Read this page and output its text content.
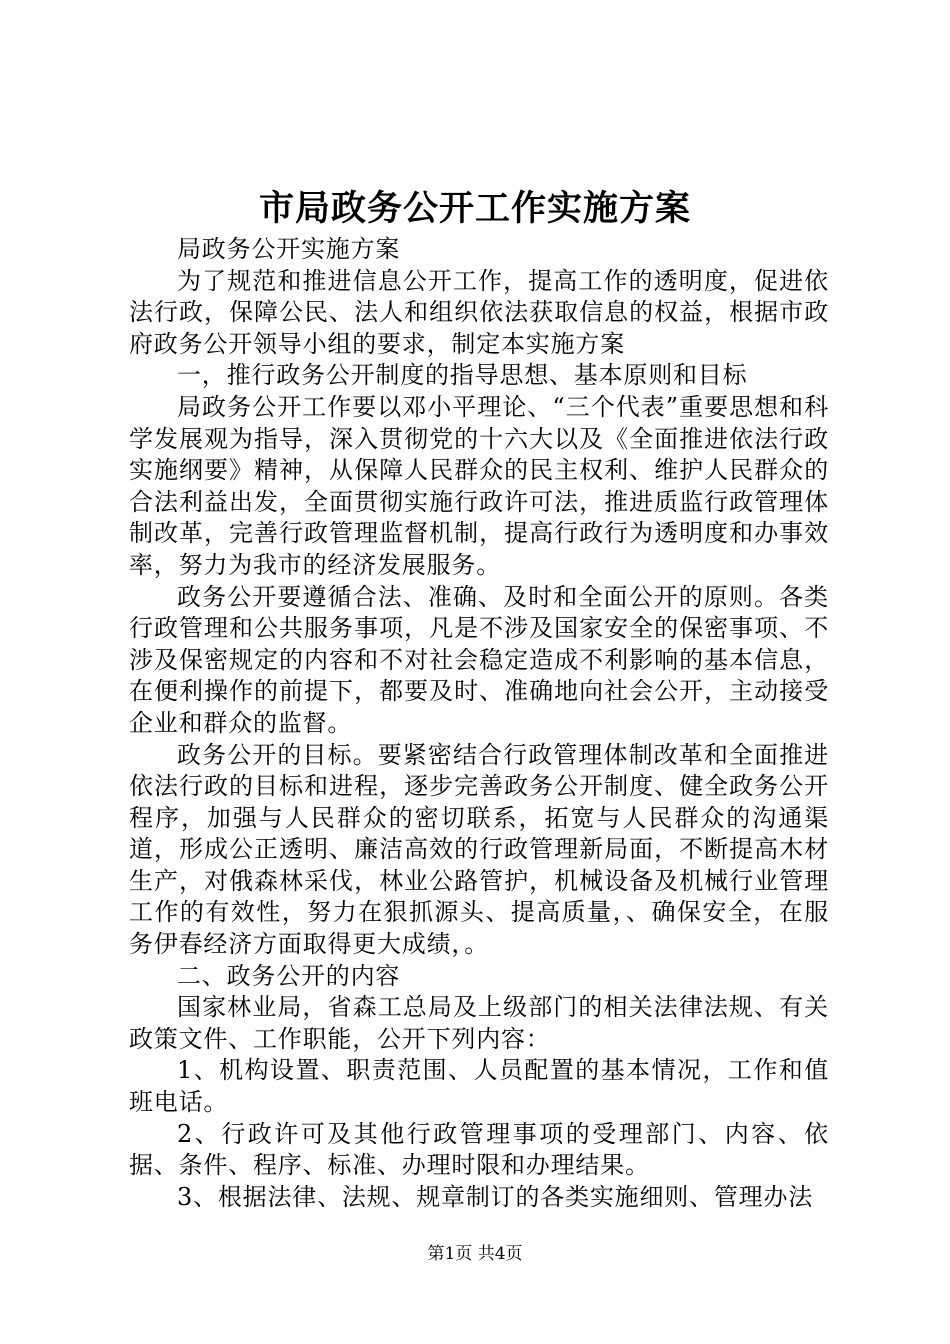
市局政务公开工作实施方案

局政务公开实施方案

为了规范和推进信息公开工作，提高工作的透明度，促进依法行政，保障公民、法人和组织依法获取信息的权益，根据市政府政务公开领导小组的要求，制定本实施方案

一，推行政务公开制度的指导思想、基本原则和目标

局政务公开工作要以邓小平理论、“三个代表”重要思想和科学发展观为指导，深入贯彻党的十六大以及《全面推进依法行政实施纲要》精神，从保障人民群众的民主权利、维护人民群众的合法利益出发，全面贯彻实施行政许可法，推进质监行政管理体制改革，完善行政管理监督机制，提高行政行为透明度和办事效率，努力为我市的经济发展服务。

政务公开要遵循合法、准确、及时和全面公开的原则。各类行政管理和公共服务事项，凡是不涉及国家安全的保密事项、不涉及保密规定的内容和不对社会稳定造成不利影响的基本信息，在便利操作的前提下，都要及时、准确地向社会公开，主动接受企业和群众的监督。

政务公开的目标。要紧密结合行政管理体制改革和全面推进依法行政的目标和进程，逐步完善政务公开制度、健全政务公开程序，加强与人民群众的密切联系，拓宽与人民群众的沟通渠道，形成公正透明、廉洁高效的行政管理新局面，不断提高木材生产，对俄森林采伐，林业公路管护，机械设备及机械行业管理工作的有效性，努力在狠抓源头、提高质量，、确保安全，在服务伊春经济方面取得更大成绩，。

二、政务公开的内容

国家林业局，省森工总局及上级部门的相关法律法规、有关政策文件、工作职能，公开下列内容：

1、机构设置、职责范围、人员配置的基本情况，工作和值班电话。

2、行政许可及其他行政管理事项的受理部门、内容、依据、条件、程序、标准、办理时限和办理结果。

3、根据法律、法规、规章制订的各类实施细则、管理办法

第1页 共4页
